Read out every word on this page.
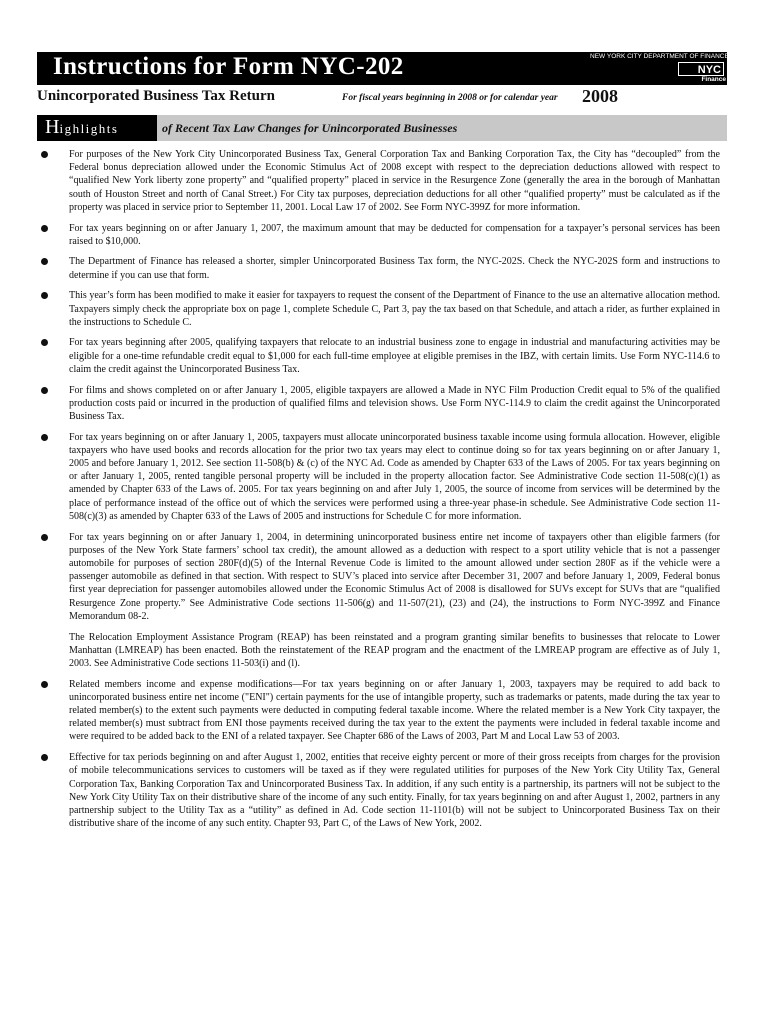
Instructions for Form NYC-202	NEW YORK CITY DEPARTMENT OF FINANCE
NYC
Finance
Unincorporated Business Tax Return	For fiscal years beginning in 2008 or for calendar year 2008
Highlights	of Recent Tax Law Changes for Unincorporated Businesses
For purposes of the New York City Unincorporated Business Tax, General Corporation Tax and Banking Corporation Tax, the City has “decoupled” from the Federal bonus depreciation allowed under the Economic Stimulus Act of 2008 except with respect to the depreciation deductions allowed with respect to “qualified New York liberty zone property” and “qualified property” placed in service in the Resurgence Zone (generally the area in the borough of Manhattan south of Houston Street and north of Canal Street.) For City tax purposes, depreciation deductions for all other “qualified property” must be calculated as if the property was placed in service prior to September 11, 2001. Local Law 17 of 2002. See Form NYC-399Z for more information.
For tax years beginning on or after January 1, 2007, the maximum amount that may be deducted for compensation for a taxpayer’s personal services has been raised to $10,000.
The Department of Finance has released a shorter, simpler Unincorporated Business Tax form, the NYC-202S. Check the NYC-202S form and instructions to determine if you can use that form.
This year’s form has been modified to make it easier for taxpayers to request the consent of the Department of Finance to the use an alternative allocation method. Taxpayers simply check the appropriate box on page 1, complete Schedule C, Part 3, pay the tax based on that Schedule, and attach a rider, as further explained in the instructions to Schedule C.
For tax years beginning after 2005, qualifying taxpayers that relocate to an industrial business zone to engage in industrial and manufacturing activities may be eligible for a one-time refundable credit equal to $1,000 for each full-time employee at eligible premises in the IBZ, with certain limits. Use Form NYC-114.6 to claim the credit against the Unincorporated Business Tax.
For films and shows completed on or after January 1, 2005, eligible taxpayers are allowed a Made in NYC Film Production Credit equal to 5% of the qualified production costs paid or incurred in the production of qualified films and television shows. Use Form NYC-114.9 to claim the credit against the Unincorporated Business Tax.
For tax years beginning on or after January 1, 2005, taxpayers must allocate unincorporated business taxable income using formula allocation. However, eligible taxpayers who have used books and records allocation for the prior two tax years may elect to continue doing so for tax years beginning on or after January 1, 2005 and before January 1, 2012. See section 11-508(b) & (c) of the NYC Ad. Code as amended by Chapter 633 of the Laws of 2005. For tax years beginning on or after January 1, 2005, rented tangible personal property will be included in the property allocation factor. See Administrative Code section 11-508(c)(1) as amended by Chapter 633 of the Laws of. 2005. For tax years beginning on and after July 1, 2005, the source of income from services will be determined by the place of performance instead of the office out of which the services were performed using a three-year phase-in schedule. See Administrative Code section 11-508(c)(3) as amended by Chapter 633 of the Laws of 2005 and instructions for Schedule C for more information.
For tax years beginning on or after January 1, 2004, in determining unincorporated business entire net income of taxpayers other than eligible farmers (for purposes of the New York State farmers’ school tax credit), the amount allowed as a deduction with respect to a sport utility vehicle that is not a passenger automobile for purposes of section 280F(d)(5) of the Internal Revenue Code is limited to the amount allowed under section 280F as if the vehicle were a passenger automobile as defined in that section. With respect to SUV’s placed into service after December 31, 2007 and before January 1, 2009, Federal bonus first year depreciation for passenger automobiles allowed under the Economic Stimulus Act of 2008 is disallowed for SUVs except for SUVs that are “qualified Resurgence Zone property.” See Administrative Code sections 11-506(g) and 11-507(21), (23) and (24), the instructions to Form NYC-399Z and Finance Memorandum 08-2.
The Relocation Employment Assistance Program (REAP) has been reinstated and a program granting similar benefits to businesses that relocate to Lower Manhattan (LMREAP) has been enacted. Both the reinstatement of the REAP program and the enactment of the LMREAP program are effective as of July 1, 2003. See Administrative Code sections 11-503(i) and (l).
Related members income and expense modifications—For tax years beginning on or after January 1, 2003, taxpayers may be required to add back to unincorporated business entire net income ("ENI") certain payments for the use of intangible property, such as trademarks or patents, made during the tax year to related member(s) to the extent such payments were deducted in computing federal taxable income. Where the related member is a New York City taxpayer, the related member(s) must subtract from ENI those payments received during the tax year to the extent the payments were included in federal taxable income and were required to be added back to the ENI of a related taxpayer. See Chapter 686 of the Laws of 2003, Part M and Local Law 53 of 2003.
Effective for tax periods beginning on and after August 1, 2002, entities that receive eighty percent or more of their gross receipts from charges for the provision of mobile telecommunications services to customers will be taxed as if they were regulated utilities for purposes of the New York City Utility Tax, General Corporation Tax, Banking Corporation Tax and Unincorporated Business Tax. In addition, if any such entity is a partnership, its partners will not be subject to the New York City Utility Tax on their distributive share of the income of any such entity. Finally, for tax years beginning on and after August 1, 2002, partners in any partnership subject to the Utility Tax as a “utility” as defined in Ad. Code section 11-1101(b) will not be subject to Unincorporated Business Tax on their distributive share of the income of any such entity. Chapter 93, Part C, of the Laws of New York, 2002.
